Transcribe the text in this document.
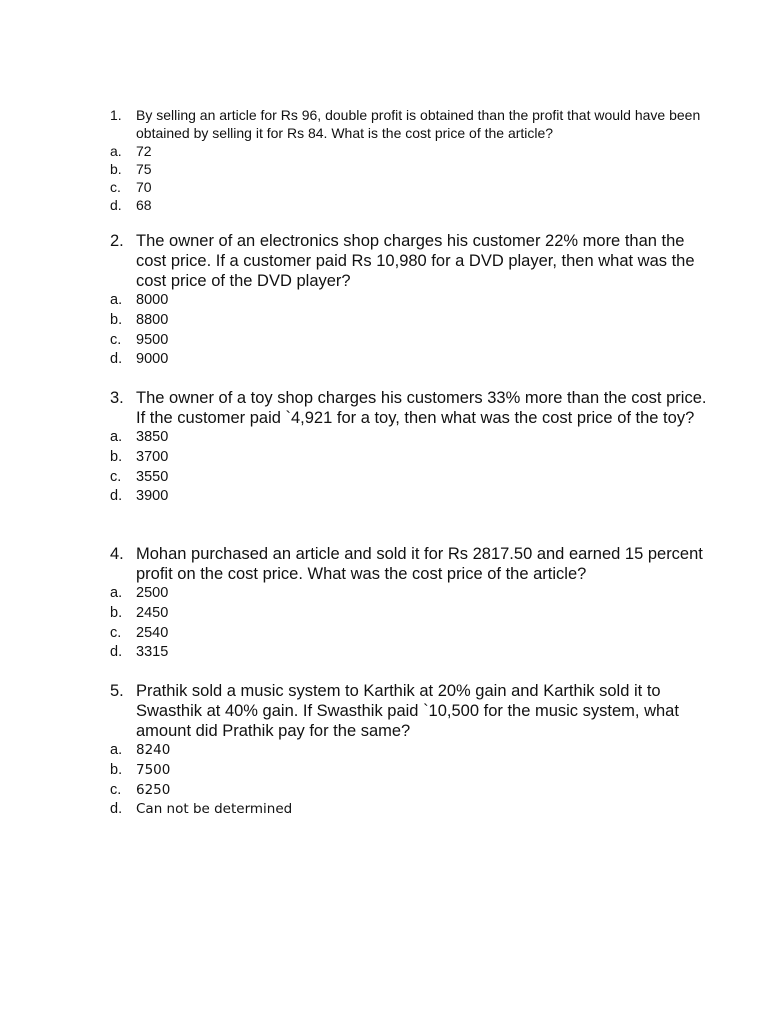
1.	By selling an article for Rs 96, double profit is obtained than the profit that would have been obtained by selling it for Rs 84. What is the cost price of the article?
a.	72
b.	75
c.	70
d.	68
2. The owner of an electronics shop charges his customer 22% more than the cost price. If a customer paid Rs 10,980 for a DVD player, then what was the cost price of the DVD player?
a. 8000
b. 8800
c.	9500
d. 9000
3. The owner of a toy shop charges his customers 33% more than the cost price. If the customer paid `4,921 for a toy, then what was the cost price of the toy?
a. 3850
b. 3700
c.	3550
d. 3900
4. Mohan purchased an article and sold it for Rs 2817.50 and earned 15 percent profit on the cost price. What was the cost price of the article?
a. 2500
b. 2450
c.	2540
d. 3315
5. Prathik sold a music system to Karthik at 20% gain and Karthik sold it to Swasthik at 40% gain. If Swasthik paid `10,500 for the music system, what amount did Prathik pay for the same?
a.	8240
b.	7500
c.	6250
d.	Can not be determined
